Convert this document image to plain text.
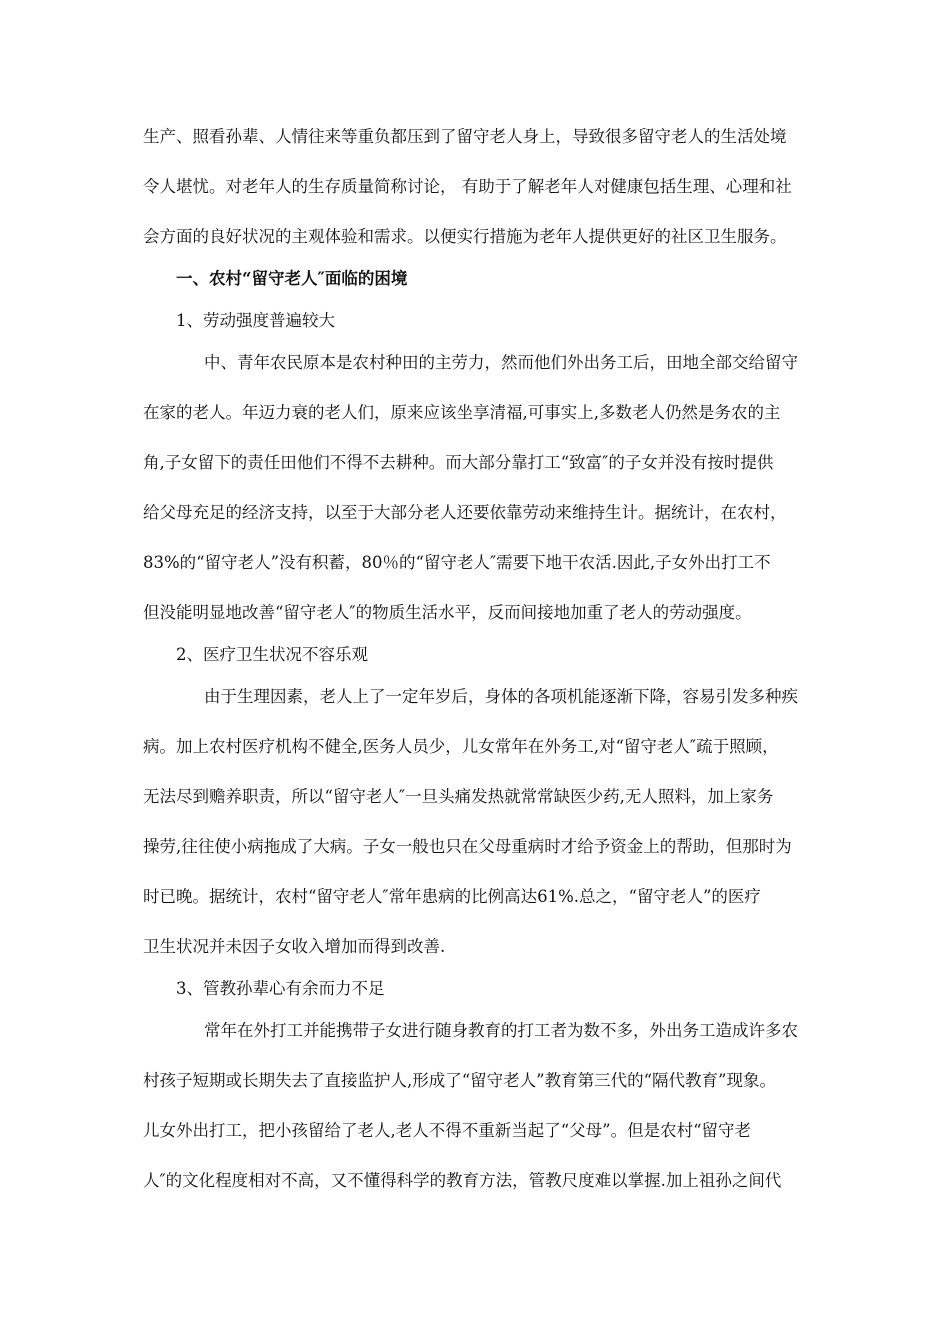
生产、照看孙辈、人情往来等重负都压到了留守老人身上，导致很多留守老人的生活处境
令人堪忧。对老年人的生存质量简称讨论， 有助于了解老年人对健康包括生理、心理和社
会方面的良好状况的主观体验和需求。以便实行措施为老年人提供更好的社区卫生服务。
一、农村“留守老人″面临的困境
1、劳动强度普遍较大
中、青年农民原本是农村种田的主劳力，然而他们外出务工后，田地全部交给留守
在家的老人。年迈力衰的老人们，原来应该坐享清福,可事实上,多数老人仍然是务农的主
角,子女留下的责任田他们不得不去耕种。而大部分靠打工“致富″的子女并没有按时提供
给父母充足的经济支持，以至于大部分老人还要依靠劳动来维持生计。据统计，在农村，
83%的“留守老人”没有积蓄，80％的“留守老人″需要下地干农活.因此,子女外出打工不
但没能明显地改善“留守老人″的物质生活水平，反而间接地加重了老人的劳动强度。
2、医疗卫生状况不容乐观
由于生理因素，老人上了一定年岁后，身体的各项机能逐渐下降，容易引发多种疾
病。加上农村医疗机构不健全,医务人员少，儿女常年在外务工,对“留守老人″疏于照顾，
无法尽到赡养职责，所以“留守老人″一旦头痛发热就常常缺医少药,无人照料，加上家务
操劳,往往使小病拖成了大病。子女一般也只在父母重病时才给予资金上的帮助，但那时为
时已晚。据统计，农村“留守老人″常年患病的比例高达61%.总之，“留守老人”的医疗
卫生状况并未因子女收入增加而得到改善.
3、管教孙辈心有余而力不足
常年在外打工并能携带子女进行随身教育的打工者为数不多，外出务工造成许多农
村孩子短期或长期失去了直接监护人,形成了“留守老人”教育第三代的“隔代教育”现象。
儿女外出打工，把小孩留给了老人,老人不得不重新当起了“父母”。但是农村“留守老
人″的文化程度相对不高，又不懂得科学的教育方法，管教尺度难以掌握.加上祖孙之间代
